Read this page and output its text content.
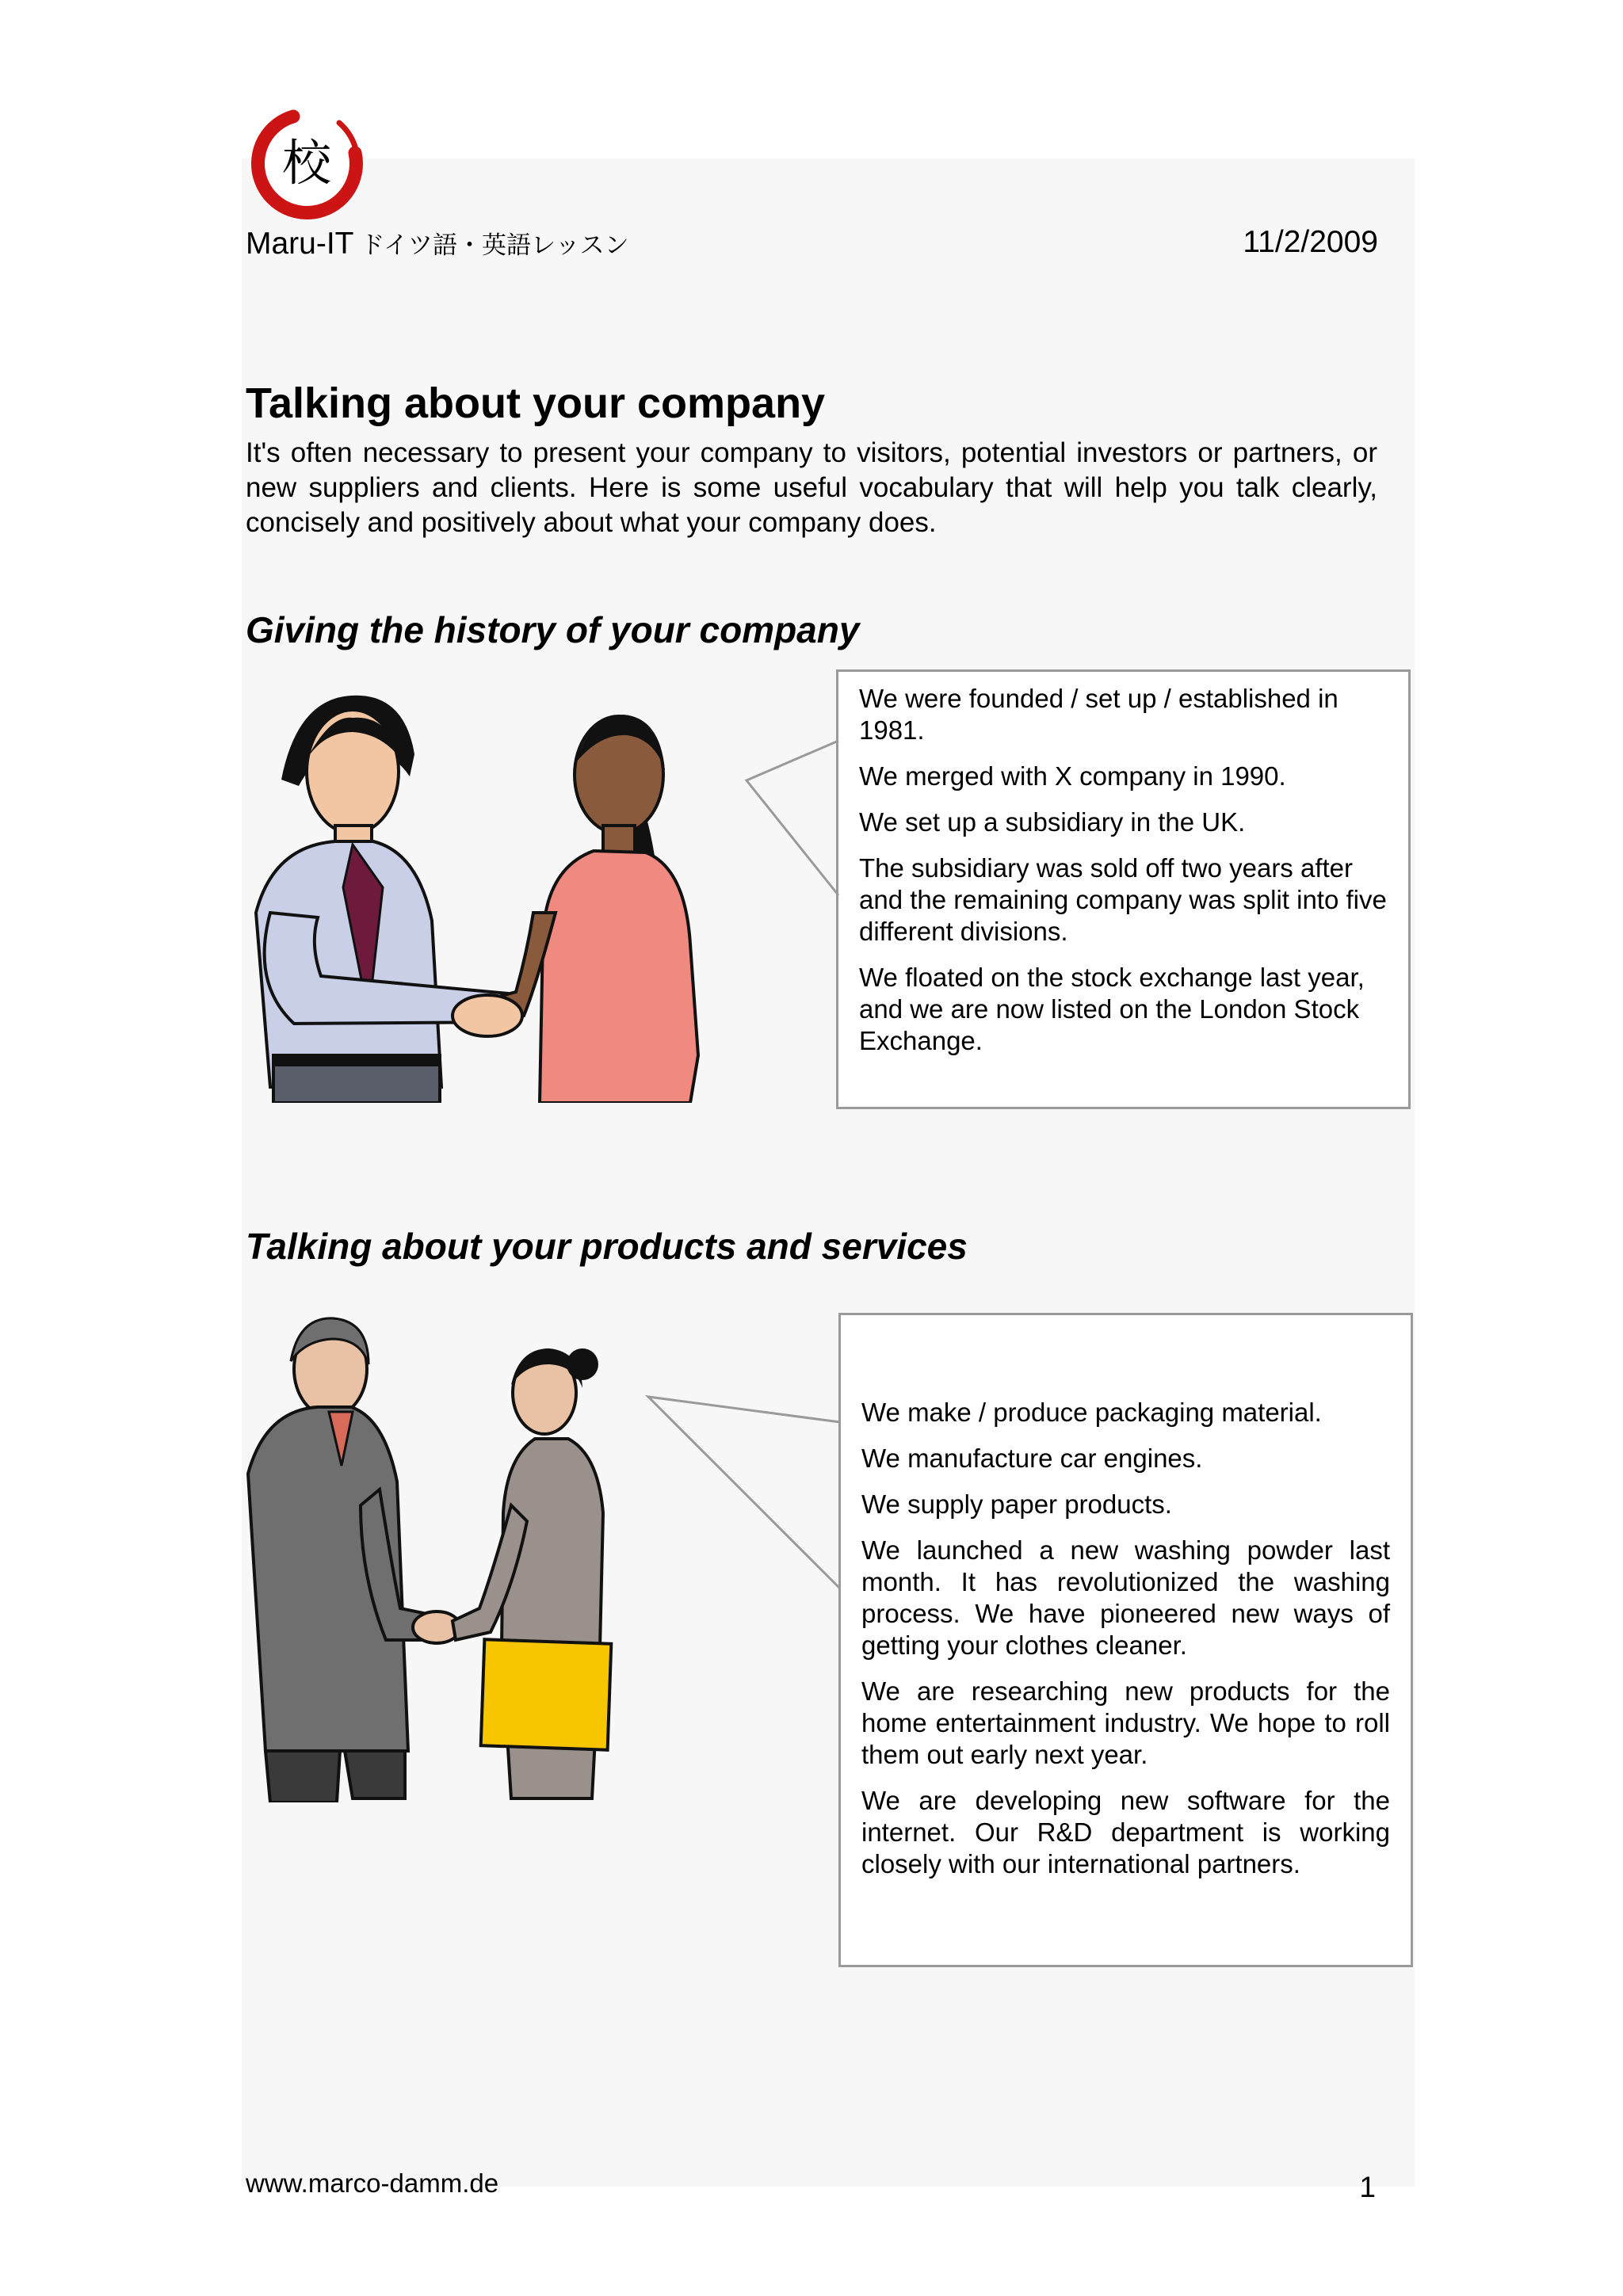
校
Maru-IT ドイツ語・英語レッスン	11/2/2009
Talking about your company
It's often necessary to present your company to visitors, potential investors or partners, or new suppliers and clients. Here is some useful vocabulary that will help you talk clearly, concisely and positively about what your company does.
Giving the history of your company

We were founded / set up / established in 1981.

We merged with X company in 1990.

We set up a subsidiary in the UK.

The subsidiary was sold off two years after and the remaining company was split into five different divisions.

We floated on the stock exchange last year, and we are now listed on the London Stock Exchange.

Talking about your products and services

We make / produce packaging material.

We manufacture car engines.

We supply paper products.

We launched a new washing powder last month. It has revolutionized the washing process. We have pioneered new ways of getting your clothes cleaner.

We are researching new products for the home entertainment industry. We hope to roll them out early next year.

We are developing new software for the internet. Our R&D department is working closely with our international partners.

www.marco-damm.de	1
